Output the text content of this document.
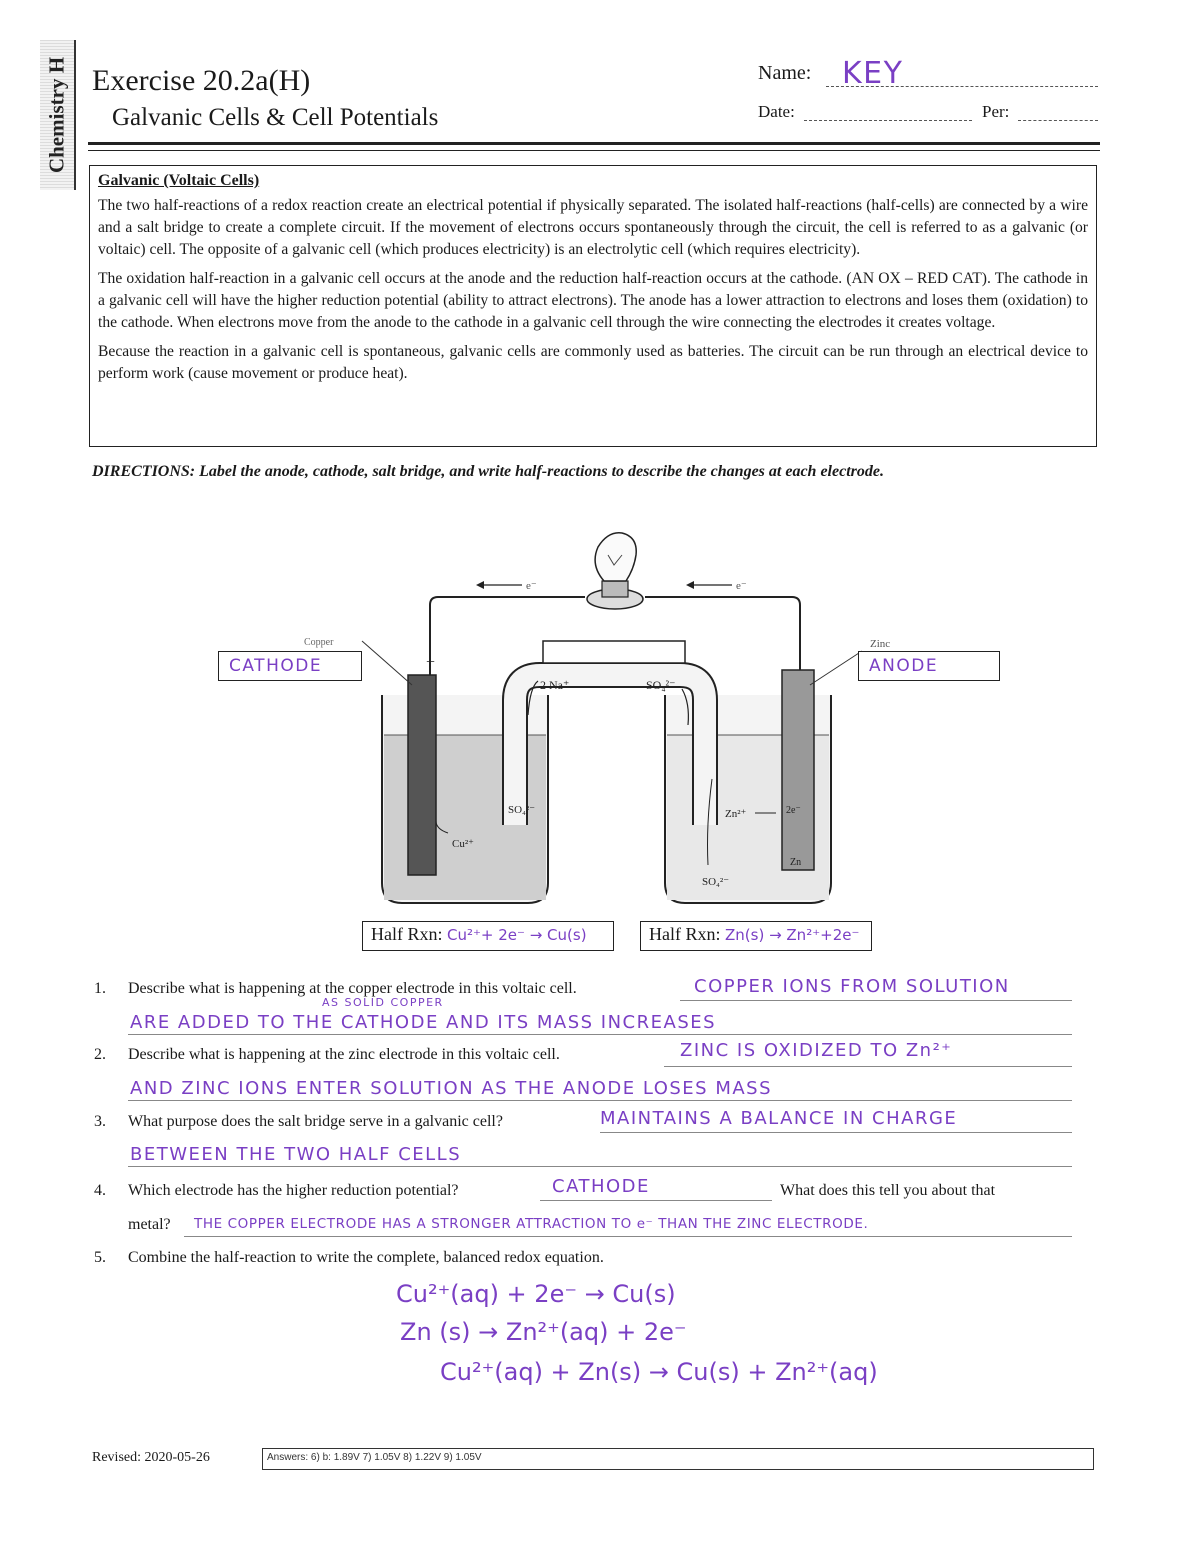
Chemistry H Exercise 20.2a(H)
Galvanic Cells & Cell Potentials
Name: KEY
Date:	Per:
Galvanic (Voltaic Cells)

The two half-reactions of a redox reaction create an electrical potential if physically separated. The isolated half-reactions (half-cells) are connected by a wire and a salt bridge to create a complete circuit. If the movement of electrons occurs spontaneously through the circuit, the cell is referred to as a galvanic (or voltaic) cell. The opposite of a galvanic cell (which produces electricity) is an electrolytic cell (which requires electricity).

The oxidation half-reaction in a galvanic cell occurs at the anode and the reduction half-reaction occurs at the cathode. (AN OX – RED CAT). The cathode in a galvanic cell will have the higher reduction potential (ability to attract electrons). The anode has a lower attraction to electrons and loses them (oxidation) to the cathode. When electrons move from the anode to the cathode in a galvanic cell through the wire connecting the electrodes it creates voltage.

Because the reaction in a galvanic cell is spontaneous, galvanic cells are commonly used as batteries. The circuit can be run through an electrical device to perform work (cause movement or produce heat).

DIRECTIONS: Label the anode, cathode, salt bridge, and write half-reactions to describe the changes at each electrode.
e⁻	e⁻
2 Na⁺	SO₄²⁻
+
Cu²⁺
SO₄²⁻	Zn²⁺
SO₄²⁻
2e⁻
Zn
Copper	Zinc
CATHODE	ANODE
Half Rxn: Cu²⁺+ 2e⁻ → Cu(s)	Half Rxn: Zn(s) → Zn²⁺+2e⁻
1. Describe what is happening at the copper electrode in this voltaic cell.	COPPER IONS FROM SOLUTION
AS SOLID COPPER
ARE ADDED TO THE CATHODE AND ITS MASS INCREASES
2. Describe what is happening at the zinc electrode in this voltaic cell.	ZINC IS OXIDIZED TO Zn²⁺
AND ZINC IONS ENTER SOLUTION AS THE ANODE LOSES MASS
3. What purpose does the salt bridge serve in a galvanic cell?	MAINTAINS A BALANCE IN CHARGE
BETWEEN THE TWO HALF CELLS
4. Which electrode has the higher reduction potential?	CATHODE	What does this tell you about that
metal? THE COPPER ELECTRODE HAS A STRONGER ATTRACTION TO e⁻ THAN THE ZINC ELECTRODE.
5. Combine the half-reaction to write the complete, balanced redox equation.
Cu²⁺(aq) + 2e⁻ → Cu(s)
Zn (s) → Zn²⁺(aq) + 2e⁻
Cu²⁺(aq) + Zn(s) → Cu(s) + Zn²⁺(aq)
Revised: 2020-05-26	Answers: 6) b: 1.89V 7) 1.05V 8) 1.22V 9) 1.05V
